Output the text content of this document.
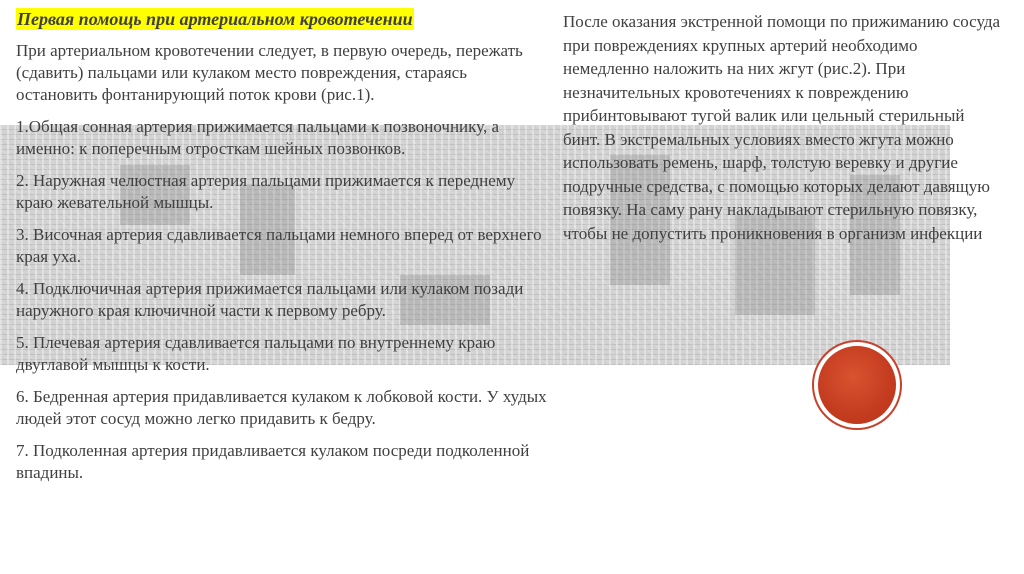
Первая помощь при артериальном кровотечении

При артериальном кровотечении следует, в первую очередь, пережать (сдавить) пальцами или кулаком место повреждения, стараясь остановить фонтанирующий поток крови (рис.1).

1.Общая сонная артерия прижимается пальцами к позвоночнику, а именно: к поперечным отросткам шейных позвонков.

2. Наружная челюстная артерия пальцами прижимается к переднему краю жевательной мышцы.

3. Височная артерия сдавливается пальцами немного вперед от верхнего края уха.

4. Подключичная артерия прижимается пальцами или кулаком позади наружного края ключичной части к первому ребру.

5. Плечевая артерия сдавливается пальцами по внутреннему краю двуглавой мышцы к кости.

6. Бедренная артерия придавливается кулаком к лобковой кости. У худых людей этот сосуд можно легко придавить к бедру.

7. Подколенная артерия придавливается кулаком посреди подколенной впадины.

После оказания экстренной помощи по прижиманию сосуда при повреждениях крупных артерий необходимо немедленно наложить на них жгут (рис.2). При незначительных кровотечениях к повреждению прибинтовывают тугой валик или цельный стерильный бинт. В экстремальных условиях вместо жгута можно использовать ремень, шарф, толстую веревку и другие подручные средства, с помощью которых делают давящую повязку. На саму рану накладывают стерильную повязку, чтобы не допустить проникновения в организм инфекции
